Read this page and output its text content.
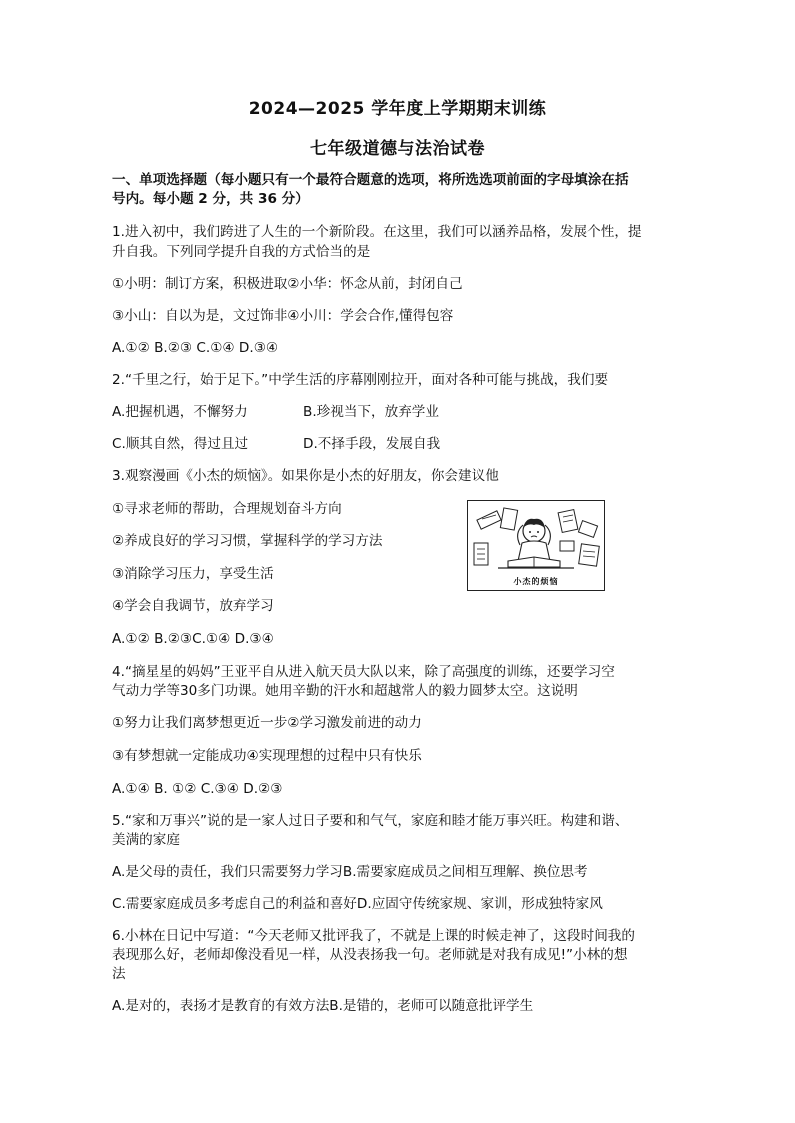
2024—2025 学年度上学期期末训练
七年级道德与法治试卷
一、单项选择题（每小题只有一个最符合题意的选项，将所选选项前面的字母填涂在括
号内。每小题 2 分，共 36 分）
1.进入初中，我们跨进了人生的一个新阶段。在这里，我们可以涵养品格，发展个性，提
升自我。下列同学提升自我的方式恰当的是
①小明：制订方案，积极进取②小华：怀念从前，封闭自己
③小山：自以为是，文过饰非④小川：学会合作,懂得包容
A.①② B.②③ C.①④ D.③④
2.“千里之行，始于足下。”中学生活的序幕刚刚拉开，面对各种可能与挑战，我们要
A.把握机遇，不懈努力	B.珍视当下，放弃学业
C.顺其自然，得过且过	D.不择手段，发展自我
3.观察漫画《小杰的烦恼》。如果你是小杰的好朋友，你会建议他
①寻求老师的帮助，合理规划奋斗方向
②养成良好的学习习惯，掌握科学的学习方法
③消除学习压力，享受生活
④学会自我调节，放弃学习
A.①② B.②③C.①④ D.③④
小杰的烦恼
4.“摘星星的妈妈”王亚平自从进入航天员大队以来，除了高强度的训练，还要学习空
气动力学等30多门功课。她用辛勤的汗水和超越常人的毅力圆梦太空。这说明
①努力让我们离梦想更近一步②学习激发前进的动力
③有梦想就一定能成功④实现理想的过程中只有快乐
A.①④ B. ①② C.③④ D.②③
5.“家和万事兴”说的是一家人过日子要和和气气，家庭和睦才能万事兴旺。构建和谐、
美满的家庭
A.是父母的责任，我们只需要努力学习B.需要家庭成员之间相互理解、换位思考
C.需要家庭成员多考虑自己的利益和喜好D.应固守传统家规、家训，形成独特家风
6.小林在日记中写道：“今天老师又批评我了，不就是上课的时候走神了，这段时间我的
表现那么好，老师却像没看见一样，从没表扬我一句。老师就是对我有成见!”小林的想
法
A.是对的，表扬才是教育的有效方法B.是错的，老师可以随意批评学生
